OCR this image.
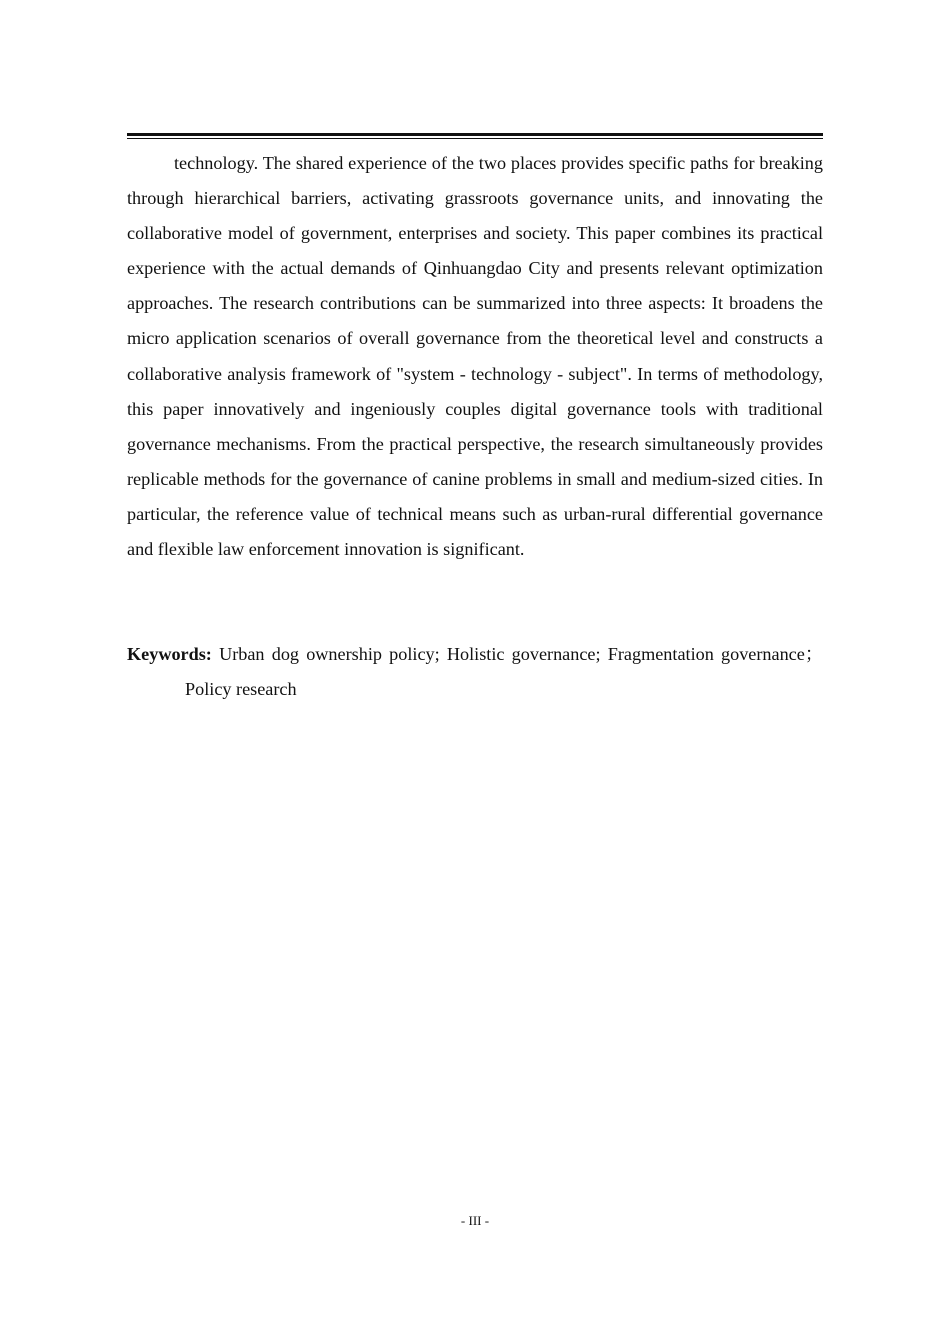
technology. The shared experience of the two places provides specific paths for breaking through hierarchical barriers, activating grassroots governance units, and innovating the collaborative model of government, enterprises and society. This paper combines its practical experience with the actual demands of Qinhuangdao City and presents relevant optimization approaches. The research contributions can be summarized into three aspects: It broadens the micro application scenarios of overall governance from the theoretical level and constructs a collaborative analysis framework of "system - technology - subject". In terms of methodology, this paper innovatively and ingeniously couples digital governance tools with traditional governance mechanisms. From the practical perspective, the research simultaneously provides replicable methods for the governance of canine problems in small and medium-sized cities. In particular, the reference value of technical means such as urban-rural differential governance and flexible law enforcement innovation is significant.

Keywords: Urban dog ownership policy; Holistic governance; Fragmentation governance；Policy research

- III -
